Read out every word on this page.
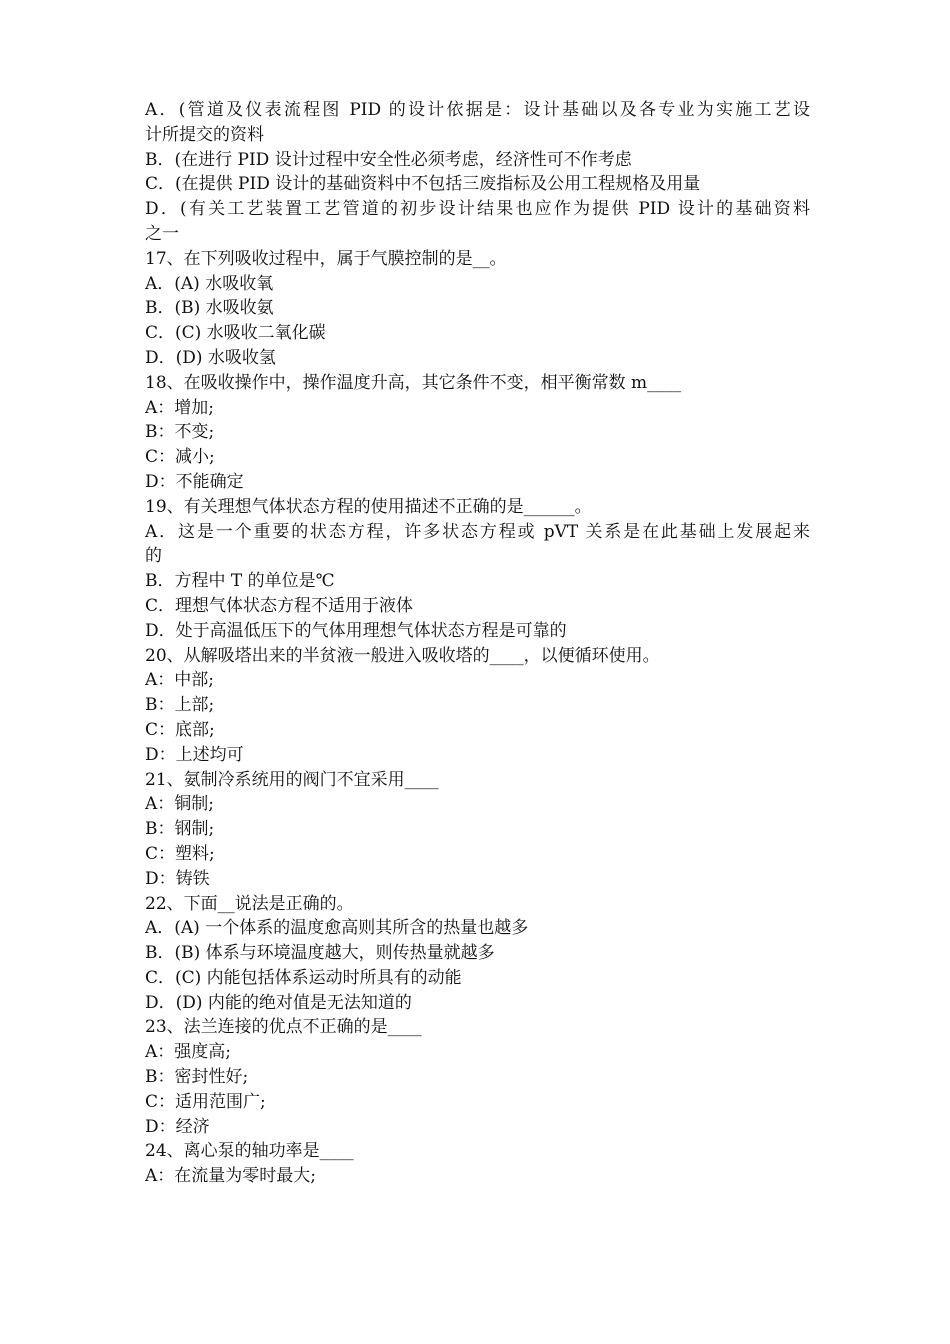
A．(管道及仪表流程图 PID 的设计依据是：设计基础以及各专业为实施工艺设
计所提交的资料
B．(在进行 PID 设计过程中安全性必须考虑，经济性可不作考虑
C．(在提供 PID 设计的基础资料中不包括三废指标及公用工程规格及用量
D．(有关工艺装置工艺管道的初步设计结果也应作为提供 PID 设计的基础资料
之一
17、在下列吸收过程中，属于气膜控制的是__。
A．(A) 水吸收氧
B．(B) 水吸收氨
C．(C) 水吸收二氧化碳
D．(D) 水吸收氢
18、在吸收操作中，操作温度升高，其它条件不变，相平衡常数 m____
A：增加;
B：不变;
C：减小;
D：不能确定
19、有关理想气体状态方程的使用描述不正确的是______。
A．这是一个重要的状态方程，许多状态方程或 pVT 关系是在此基础上发展起来
的
B．方程中 T 的单位是℃
C．理想气体状态方程不适用于液体
D．处于高温低压下的气体用理想气体状态方程是可靠的
20、从解吸塔出来的半贫液一般进入吸收塔的____，以便循环使用。
A：中部;
B：上部;
C：底部;
D：上述均可
21、氨制冷系统用的阀门不宜采用____
A：铜制;
B：钢制;
C：塑料;
D：铸铁
22、下面__说法是正确的。
A．(A) 一个体系的温度愈高则其所含的热量也越多
B．(B) 体系与环境温度越大，则传热量就越多
C．(C) 内能包括体系运动时所具有的动能
D．(D) 内能的绝对值是无法知道的
23、法兰连接的优点不正确的是____
A：强度高;
B：密封性好;
C：适用范围广;
D：经济
24、离心泵的轴功率是____
A：在流量为零时最大;
